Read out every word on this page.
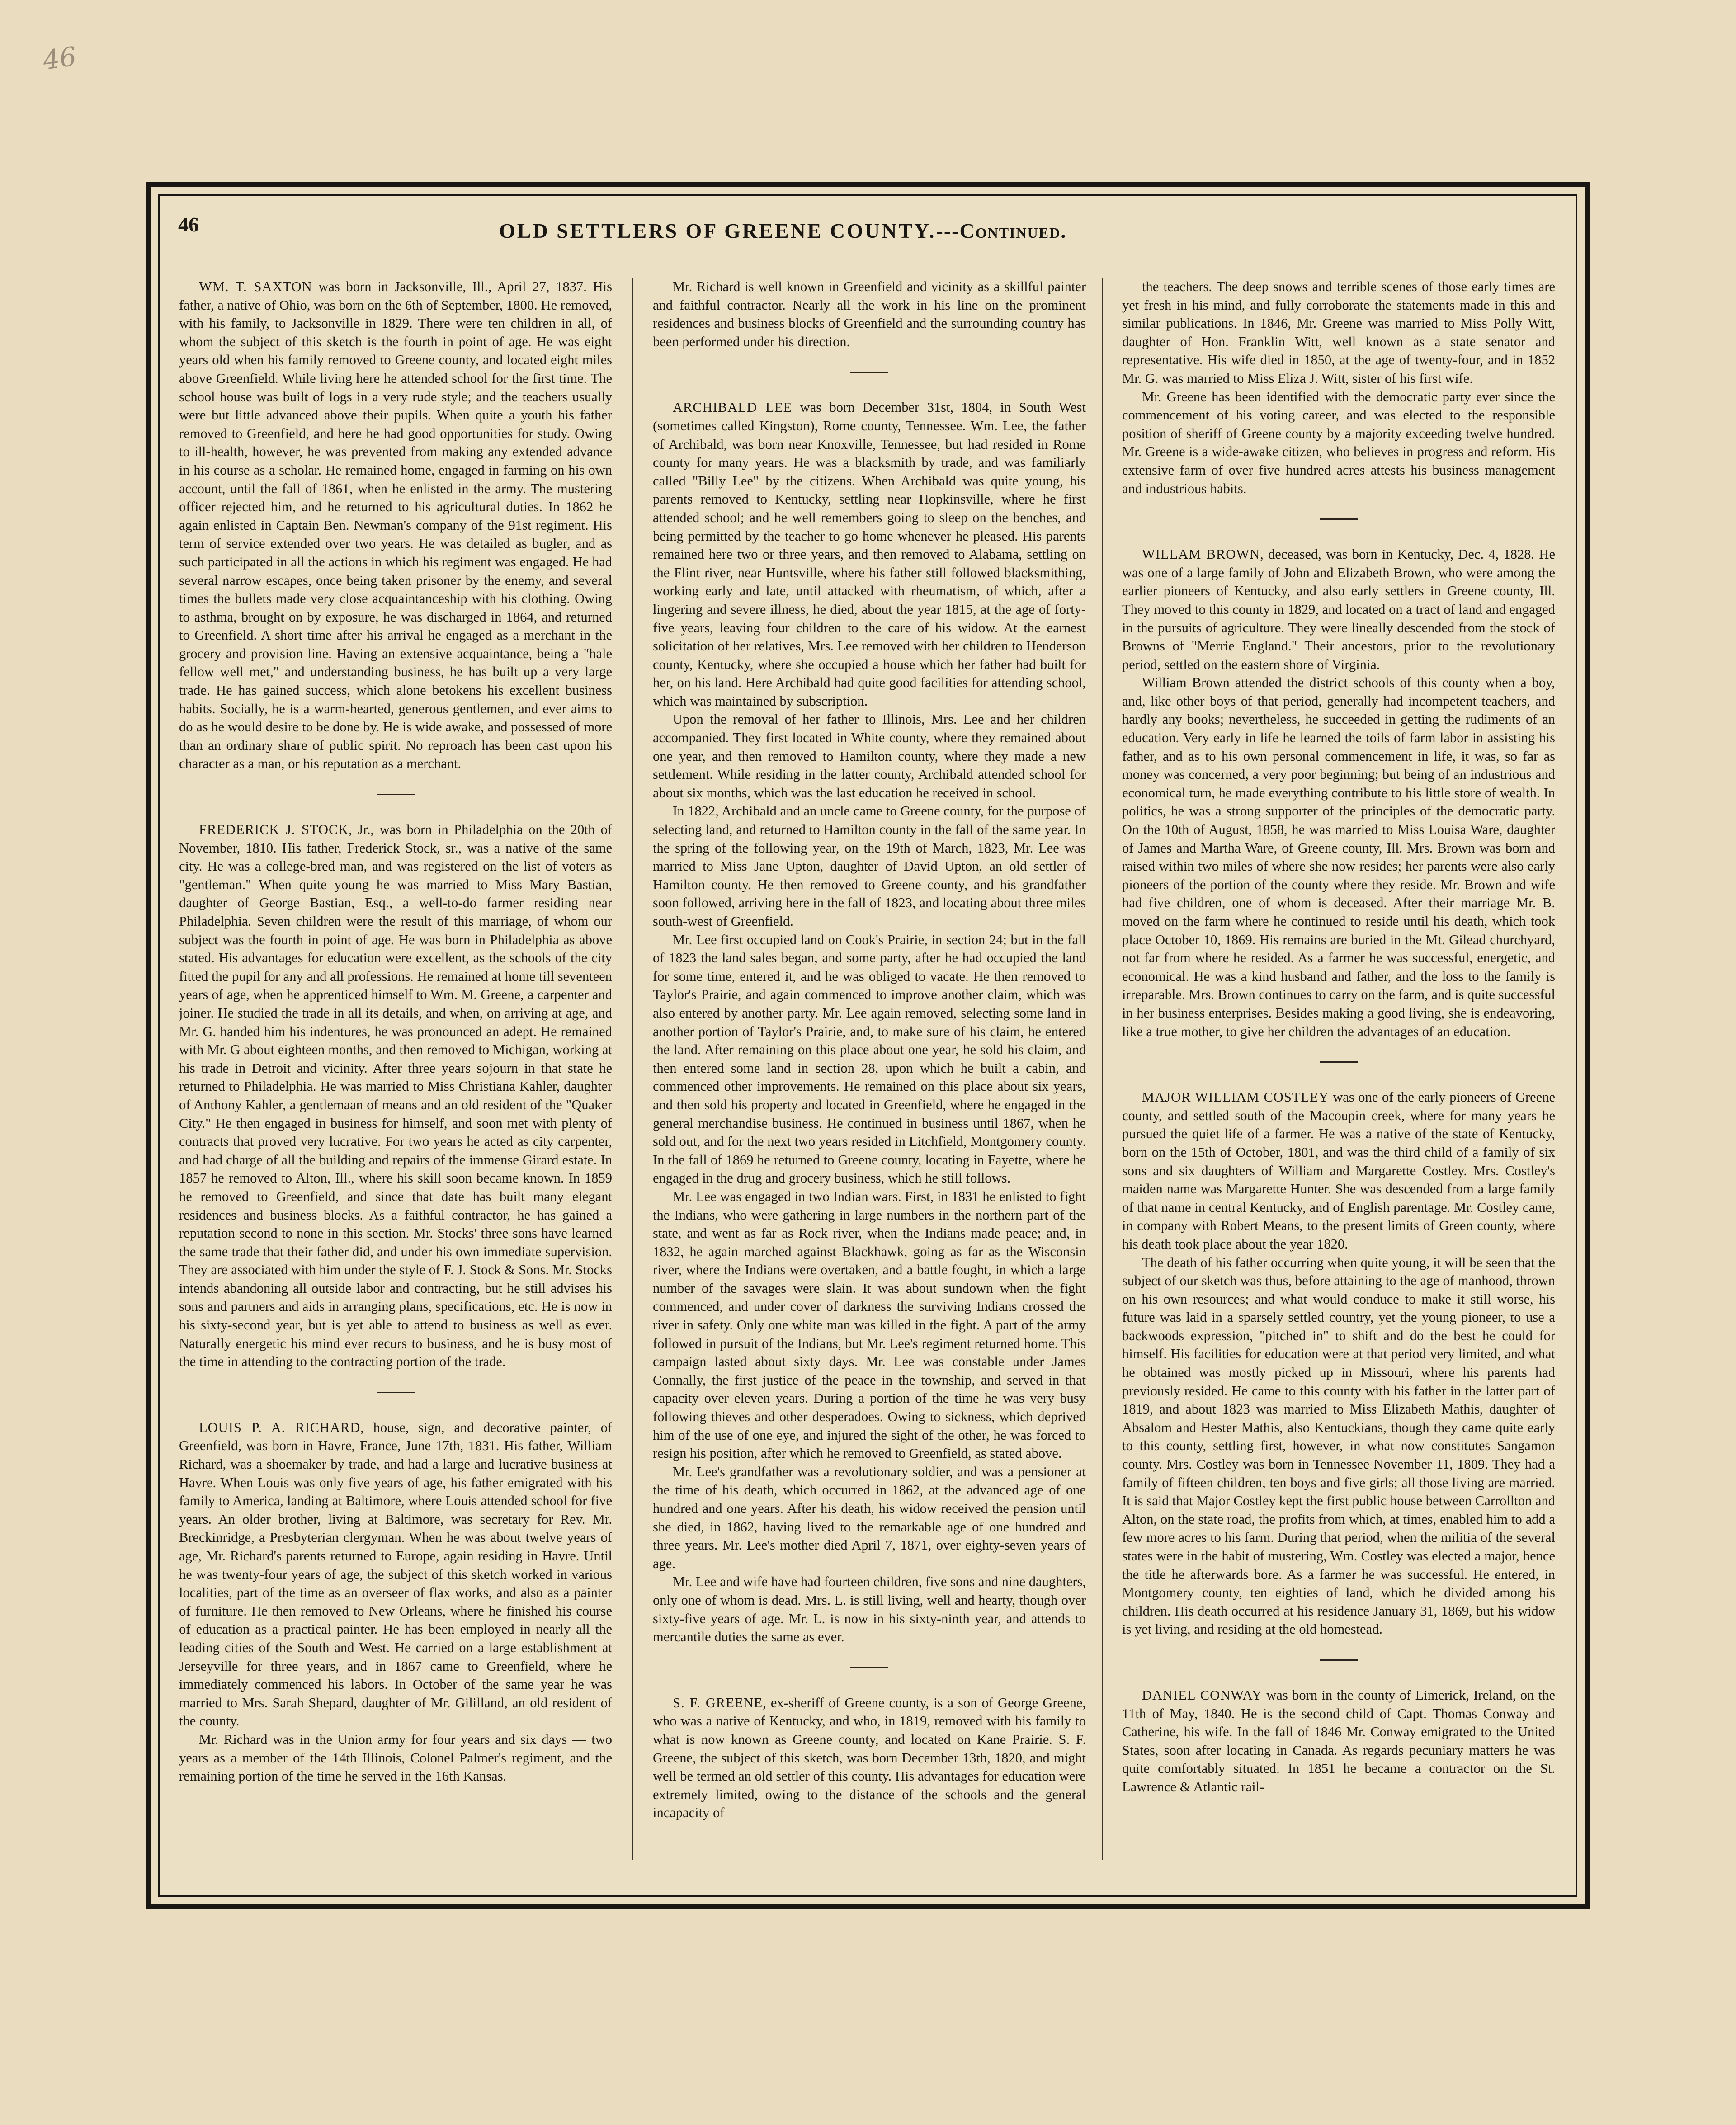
46
46	OLD SETTLERS OF GREENE COUNTY.---Continued.

WM. T. SAXTON was born in Jacksonville, Ill., April 27, 1837. His father, a native of Ohio, was born on the 6th of September, 1800. He removed, with his family, to Jacksonville in 1829. There were ten children in all, of whom the subject of this sketch is the fourth in point of age. He was eight years old when his family removed to Greene county, and located eight miles above Greenfield. While living here he attended school for the first time. The school house was built of logs in a very rude style; and the teachers usually were but little advanced above their pupils. When quite a youth his father removed to Greenfield, and here he had good opportunities for study. Owing to ill-health, however, he was prevented from making any extended advance in his course as a scholar. He remained home, engaged in farming on his own account, until the fall of 1861, when he enlisted in the army. The mustering officer rejected him, and he returned to his agricultural duties. In 1862 he again enlisted in Captain Ben. Newman's company of the 91st regiment. His term of service extended over two years. He was detailed as bugler, and as such participated in all the actions in which his regiment was engaged. He had several narrow escapes, once being taken prisoner by the enemy, and several times the bullets made very close acquaintanceship with his clothing. Owing to asthma, brought on by exposure, he was discharged in 1864, and returned to Greenfield. A short time after his arrival he engaged as a merchant in the grocery and provision line. Having an extensive acquaintance, being a "hale fellow well met," and understanding business, he has built up a very large trade. He has gained success, which alone betokens his excellent business habits. Socially, he is a warm-hearted, generous gentlemen, and ever aims to do as he would desire to be done by. He is wide awake, and possessed of more than an ordinary share of public spirit. No reproach has been cast upon his character as a man, or his reputation as a merchant.

FREDERICK J. STOCK, Jr., was born in Philadelphia on the 20th of November, 1810. His father, Frederick Stock, sr., was a native of the same city. He was a college-bred man, and was registered on the list of voters as "gentleman." When quite young he was married to Miss Mary Bastian, daughter of George Bastian, Esq., a well-to-do farmer residing near Philadelphia. Seven children were the result of this marriage, of whom our subject was the fourth in point of age. He was born in Philadelphia as above stated. His advantages for education were excellent, as the schools of the city fitted the pupil for any and all professions. He remained at home till seventeen years of age, when he apprenticed himself to Wm. M. Greene, a carpenter and joiner. He studied the trade in all its details, and when, on arriving at age, and Mr. G. handed him his indentures, he was pronounced an adept. He remained with Mr. G about eighteen months, and then removed to Michigan, working at his trade in Detroit and vicinity. After three years sojourn in that state he returned to Philadelphia. He was married to Miss Christiana Kahler, daughter of Anthony Kahler, a gentlemaan of means and an old resident of the "Quaker City." He then engaged in business for himself, and soon met with plenty of contracts that proved very lucrative. For two years he acted as city carpenter, and had charge of all the building and repairs of the immense Girard estate. In 1857 he removed to Alton, Ill., where his skill soon became known. In 1859 he removed to Greenfield, and since that date has built many elegant residences and business blocks. As a faithful contractor, he has gained a reputation second to none in this section. Mr. Stocks' three sons have learned the same trade that their father did, and under his own immediate supervision. They are associated with him under the style of F. J. Stock & Sons. Mr. Stocks intends abandoning all outside labor and contracting, but he still advises his sons and partners and aids in arranging plans, specifications, etc. He is now in his sixty-second year, but is yet able to attend to business as well as ever. Naturally energetic his mind ever recurs to business, and he is busy most of the time in attending to the contracting portion of the trade.

LOUIS P. A. RICHARD, house, sign, and decorative painter, of Greenfield, was born in Havre, France, June 17th, 1831. His father, William Richard, was a shoemaker by trade, and had a large and lucrative business at Havre. When Louis was only five years of age, his father emigrated with his family to America, landing at Baltimore, where Louis attended school for five years. An older brother, living at Baltimore, was secretary for Rev. Mr. Breckinridge, a Presbyterian clergyman. When he was about twelve years of age, Mr. Richard's parents returned to Europe, again residing in Havre. Until he was twenty-four years of age, the subject of this sketch worked in various localities, part of the time as an overseer of flax works, and also as a painter of furniture. He then removed to New Orleans, where he finished his course of education as a practical painter. He has been employed in nearly all the leading cities of the South and West. He carried on a large establishment at Jerseyville for three years, and in 1867 came to Greenfield, where he immediately commenced his labors. In October of the same year he was married to Mrs. Sarah Shepard, daughter of Mr. Gililland, an old resident of the county.

Mr. Richard was in the Union army for four years and six days — two years as a member of the 14th Illinois, Colonel Palmer's regiment, and the remaining portion of the time he served in the 16th Kansas.

Mr. Richard is well known in Greenfield and vicinity as a skillful painter and faithful contractor. Nearly all the work in his line on the prominent residences and business blocks of Greenfield and the surrounding country has been performed under his direction.

ARCHIBALD LEE was born December 31st, 1804, in South West (sometimes called Kingston), Rome county, Tennessee. Wm. Lee, the father of Archibald, was born near Knoxville, Tennessee, but had resided in Rome county for many years. He was a blacksmith by trade, and was familiarly called "Billy Lee" by the citizens. When Archibald was quite young, his parents removed to Kentucky, settling near Hopkinsville, where he first attended school; and he well remembers going to sleep on the benches, and being permitted by the teacher to go home whenever he pleased. His parents remained here two or three years, and then removed to Alabama, settling on the Flint river, near Huntsville, where his father still followed blacksmithing, working early and late, until attacked with rheumatism, of which, after a lingering and severe illness, he died, about the year 1815, at the age of forty-five years, leaving four children to the care of his widow. At the earnest solicitation of her relatives, Mrs. Lee removed with her children to Henderson county, Kentucky, where she occupied a house which her father had built for her, on his land. Here Archibald had quite good facilities for attending school, which was maintained by subscription.

Upon the removal of her father to Illinois, Mrs. Lee and her children accompanied. They first located in White county, where they remained about one year, and then removed to Hamilton county, where they made a new settlement. While residing in the latter county, Archibald attended school for about six months, which was the last education he received in school.

In 1822, Archibald and an uncle came to Greene county, for the purpose of selecting land, and returned to Hamilton county in the fall of the same year. In the spring of the following year, on the 19th of March, 1823, Mr. Lee was married to Miss Jane Upton, daughter of David Upton, an old settler of Hamilton county. He then removed to Greene county, and his grandfather soon followed, arriving here in the fall of 1823, and locating about three miles south-west of Greenfield.

Mr. Lee first occupied land on Cook's Prairie, in section 24; but in the fall of 1823 the land sales began, and some party, after he had occupied the land for some time, entered it, and he was obliged to vacate. He then removed to Taylor's Prairie, and again commenced to improve another claim, which was also entered by another party. Mr. Lee again removed, selecting some land in another portion of Taylor's Prairie, and, to make sure of his claim, he entered the land. After remaining on this place about one year, he sold his claim, and then entered some land in section 28, upon which he built a cabin, and commenced other improvements. He remained on this place about six years, and then sold his property and located in Greenfield, where he engaged in the general merchandise business. He continued in business until 1867, when he sold out, and for the next two years resided in Litchfield, Montgomery county. In the fall of 1869 he returned to Greene county, locating in Fayette, where he engaged in the drug and grocery business, which he still follows.

Mr. Lee was engaged in two Indian wars. First, in 1831 he enlisted to fight the Indians, who were gathering in large numbers in the northern part of the state, and went as far as Rock river, when the Indians made peace; and, in 1832, he again marched against Blackhawk, going as far as the Wisconsin river, where the Indians were overtaken, and a battle fought, in which a large number of the savages were slain. It was about sundown when the fight commenced, and under cover of darkness the surviving Indians crossed the river in safety. Only one white man was killed in the fight. A part of the army followed in pursuit of the Indians, but Mr. Lee's regiment returned home. This campaign lasted about sixty days. Mr. Lee was constable under James Connally, the first justice of the peace in the township, and served in that capacity over eleven years. During a portion of the time he was very busy following thieves and other desperadoes. Owing to sickness, which deprived him of the use of one eye, and injured the sight of the other, he was forced to resign his position, after which he removed to Greenfield, as stated above.

Mr. Lee's grandfather was a revolutionary soldier, and was a pensioner at the time of his death, which occurred in 1862, at the advanced age of one hundred and one years. After his death, his widow received the pension until she died, in 1862, having lived to the remarkable age of one hundred and three years. Mr. Lee's mother died April 7, 1871, over eighty-seven years of age.

Mr. Lee and wife have had fourteen children, five sons and nine daughters, only one of whom is dead. Mrs. L. is still living, well and hearty, though over sixty-five years of age. Mr. L. is now in his sixty-ninth year, and attends to mercantile duties the same as ever.

S. F. GREENE, ex-sheriff of Greene county, is a son of George Greene, who was a native of Kentucky, and who, in 1819, removed with his family to what is now known as Greene county, and located on Kane Prairie. S. F. Greene, the subject of this sketch, was born December 13th, 1820, and might well be termed an old settler of this county. His advantages for education were extremely limited, owing to the distance of the schools and the general incapacity of

the teachers. The deep snows and terrible scenes of those early times are yet fresh in his mind, and fully corroborate the statements made in this and similar publications. In 1846, Mr. Greene was married to Miss Polly Witt, daughter of Hon. Franklin Witt, well known as a state senator and representative. His wife died in 1850, at the age of twenty-four, and in 1852 Mr. G. was married to Miss Eliza J. Witt, sister of his first wife.

Mr. Greene has been identified with the democratic party ever since the commencement of his voting career, and was elected to the responsible position of sheriff of Greene county by a majority exceeding twelve hundred. Mr. Greene is a wide-awake citizen, who believes in progress and reform. His extensive farm of over five hundred acres attests his business management and industrious habits.

WILLAM BROWN, deceased, was born in Kentucky, Dec. 4, 1828. He was one of a large family of John and Elizabeth Brown, who were among the earlier pioneers of Kentucky, and also early settlers in Greene county, Ill. They moved to this county in 1829, and located on a tract of land and engaged in the pursuits of agriculture. They were lineally descended from the stock of Browns of "Merrie England." Their ancestors, prior to the revolutionary period, settled on the eastern shore of Virginia.

William Brown attended the district schools of this county when a boy, and, like other boys of that period, generally had incompetent teachers, and hardly any books; nevertheless, he succeeded in getting the rudiments of an education. Very early in life he learned the toils of farm labor in assisting his father, and as to his own personal commencement in life, it was, so far as money was concerned, a very poor beginning; but being of an industrious and economical turn, he made everything contribute to his little store of wealth. In politics, he was a strong supporter of the principles of the democratic party. On the 10th of August, 1858, he was married to Miss Louisa Ware, daughter of James and Martha Ware, of Greene county, Ill. Mrs. Brown was born and raised within two miles of where she now resides; her parents were also early pioneers of the portion of the county where they reside. Mr. Brown and wife had five children, one of whom is deceased. After their marriage Mr. B. moved on the farm where he continued to reside until his death, which took place October 10, 1869. His remains are buried in the Mt. Gilead churchyard, not far from where he resided. As a farmer he was successful, energetic, and economical. He was a kind husband and father, and the loss to the family is irreparable. Mrs. Brown continues to carry on the farm, and is quite successful in her business enterprises. Besides making a good living, she is endeavoring, like a true mother, to give her children the advantages of an education.

MAJOR WILLIAM COSTLEY was one of the early pioneers of Greene county, and settled south of the Macoupin creek, where for many years he pursued the quiet life of a farmer. He was a native of the state of Kentucky, born on the 15th of October, 1801, and was the third child of a family of six sons and six daughters of William and Margarette Costley. Mrs. Costley's maiden name was Margarette Hunter. She was descended from a large family of that name in central Kentucky, and of English parentage. Mr. Costley came, in company with Robert Means, to the present limits of Green county, where his death took place about the year 1820.

The death of his father occurring when quite young, it will be seen that the subject of our sketch was thus, before attaining to the age of manhood, thrown on his own resources; and what would conduce to make it still worse, his future was laid in a sparsely settled country, yet the young pioneer, to use a backwoods expression, "pitched in" to shift and do the best he could for himself. His facilities for education were at that period very limited, and what he obtained was mostly picked up in Missouri, where his parents had previously resided. He came to this county with his father in the latter part of 1819, and about 1823 was married to Miss Elizabeth Mathis, daughter of Absalom and Hester Mathis, also Kentuckians, though they came quite early to this county, settling first, however, in what now constitutes Sangamon county. Mrs. Costley was born in Tennessee November 11, 1809. They had a family of fifteen children, ten boys and five girls; all those living are married. It is said that Major Costley kept the first public house between Carrollton and Alton, on the state road, the profits from which, at times, enabled him to add a few more acres to his farm. During that period, when the militia of the several states were in the habit of mustering, Wm. Costley was elected a major, hence the title he afterwards bore. As a farmer he was successful. He entered, in Montgomery county, ten eighties of land, which he divided among his children. His death occurred at his residence January 31, 1869, but his widow is yet living, and residing at the old homestead.

DANIEL CONWAY was born in the county of Limerick, Ireland, on the 11th of May, 1840. He is the second child of Capt. Thomas Conway and Catherine, his wife. In the fall of 1846 Mr. Conway emigrated to the United States, soon after locating in Canada. As regards pecuniary matters he was quite comfortably situated. In 1851 he became a contractor on the St. Lawrence & Atlantic rail-
